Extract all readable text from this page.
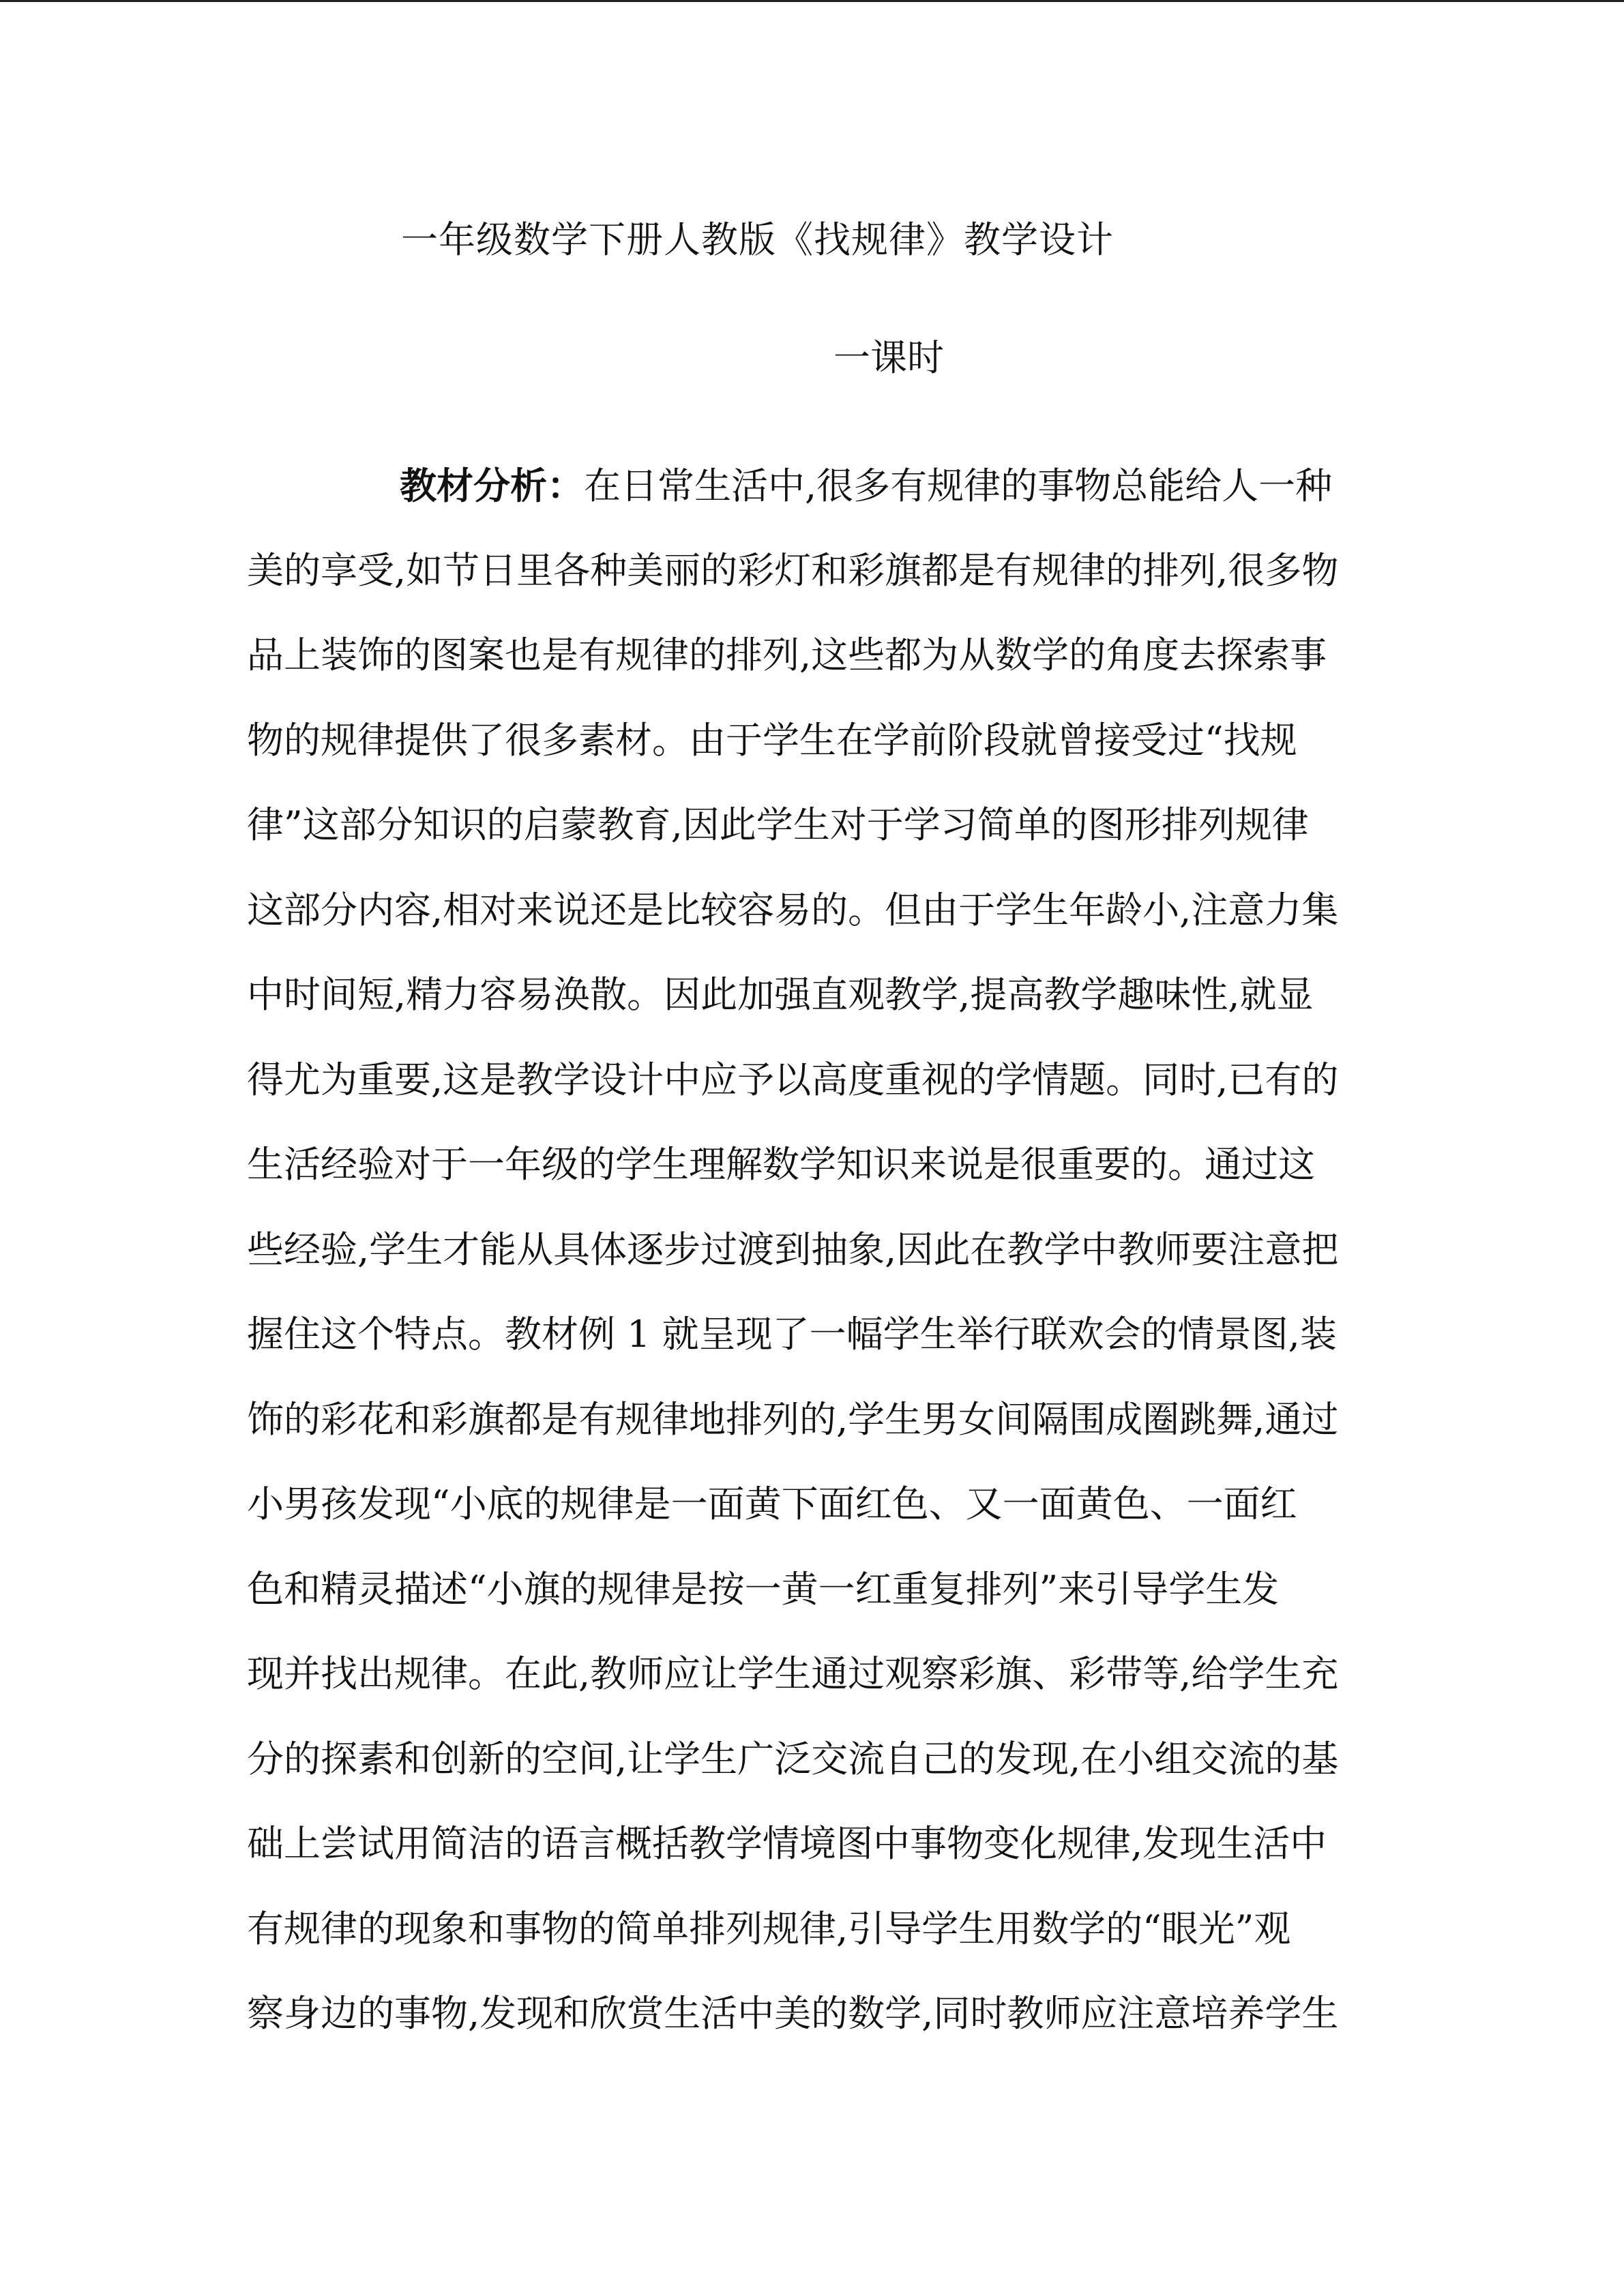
一年级数学下册人教版《找规律》教学设计
一课时
教材分析：在日常生活中,很多有规律的事物总能给人一种
美的享受,如节日里各种美丽的彩灯和彩旗都是有规律的排列,很多物
品上装饰的图案也是有规律的排列,这些都为从数学的角度去探索事
物的规律提供了很多素材。由于学生在学前阶段就曾接受过“找规
律”这部分知识的启蒙教育,因此学生对于学习简单的图形排列规律
这部分内容,相对来说还是比较容易的。但由于学生年龄小,注意力集
中时间短,精力容易涣散。因此加强直观教学,提高教学趣味性,就显
得尤为重要,这是教学设计中应予以高度重视的学情题。同时,已有的
生活经验对于一年级的学生理解数学知识来说是很重要的。通过这
些经验,学生才能从具体逐步过渡到抽象,因此在教学中教师要注意把
握住这个特点。教材例 1 就呈现了一幅学生举行联欢会的情景图,装
饰的彩花和彩旗都是有规律地排列的,学生男女间隔围成圈跳舞,通过
小男孩发现“小底的规律是一面黄下面红色、又一面黄色、一面红
色和精灵描述“小旗的规律是按一黄一红重复排列”来引导学生发
现并找出规律。在此,教师应让学生通过观察彩旗、彩带等,给学生充
分的探素和创新的空间,让学生广泛交流自己的发现,在小组交流的基
础上尝试用简洁的语言概括教学情境图中事物变化规律,发现生活中
有规律的现象和事物的简单排列规律,引导学生用数学的“眼光”观
察身边的事物,发现和欣赏生活中美的数学,同时教师应注意培养学生
